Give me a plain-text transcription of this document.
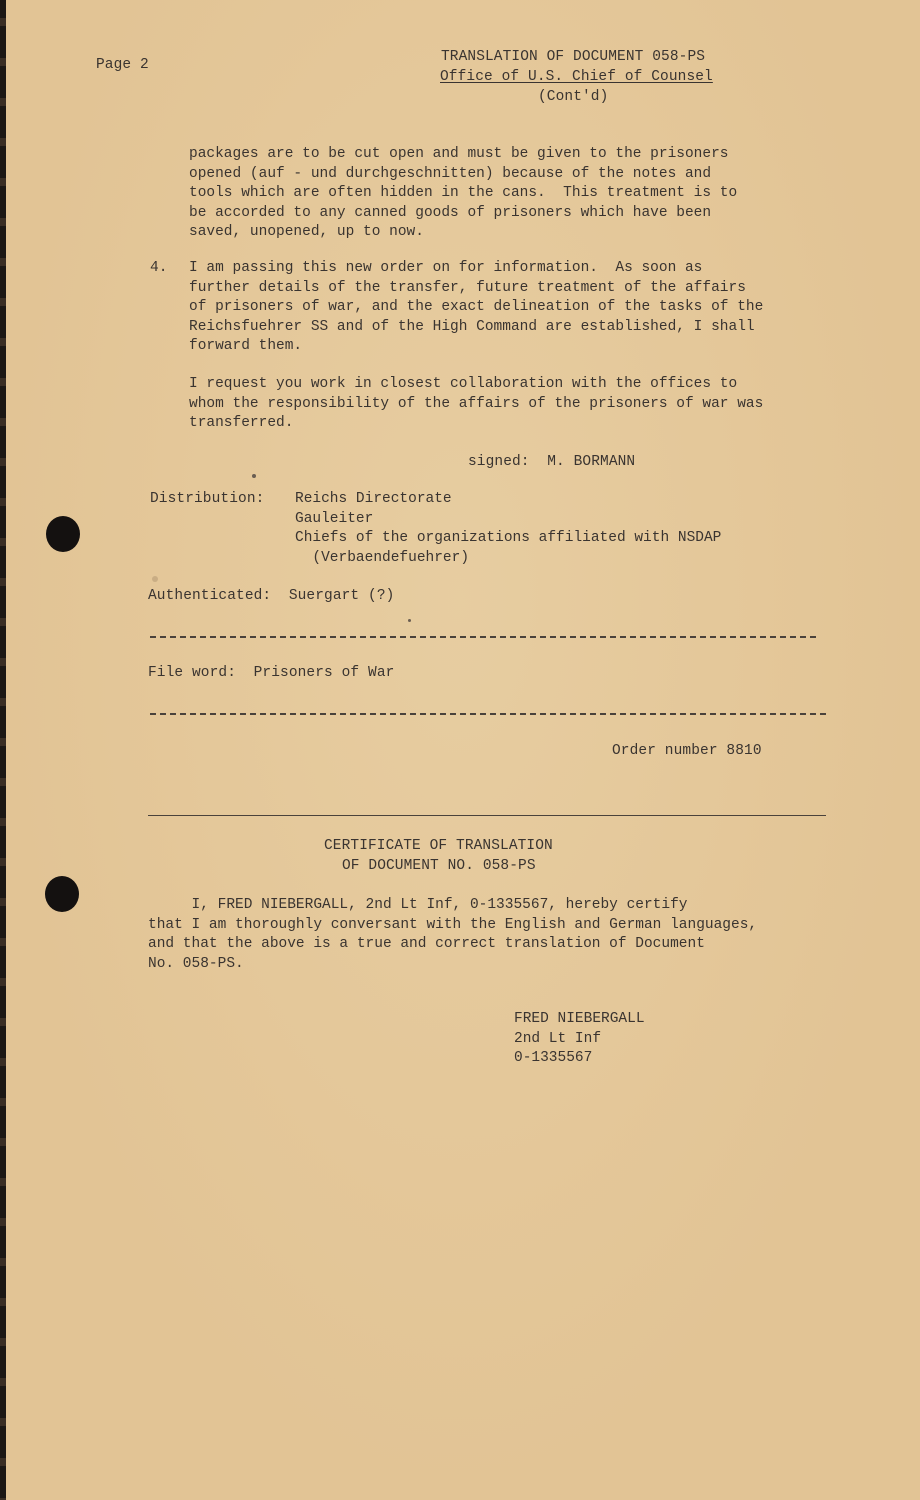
Page 2	TRANSLATION OF DOCUMENT 058-PS
Office of U.S. Chief of Counsel
(Cont'd)
packages are to be cut open and must be given to the prisoners
opened (auf - und durchgeschnitten) because of the notes and
tools which are often hidden in the cans.  This treatment is to
be accorded to any canned goods of prisoners which have been
saved, unopened, up to now.
4. I am passing this new order on for information.  As soon as
further details of the transfer, future treatment of the affairs
of prisoners of war, and the exact delineation of the tasks of the
Reichsfuehrer SS and of the High Command are established, I shall
forward them.
I request you work in closest collaboration with the offices to
whom the responsibility of the affairs of the prisoners of war was
transferred.
signed:  M. BORMANN
Distribution: Reichs Directorate
Gauleiter
Chiefs of the organizations affiliated with NSDAP
(Verbaendefuehrer)
Authenticated:  Suergart (?)
File word:  Prisoners of War
Order number 8810
CERTIFICATE OF TRANSLATION
OF DOCUMENT NO. 058-PS
I, FRED NIEBERGALL, 2nd Lt Inf, 0-1335567, hereby certify
that I am thoroughly conversant with the English and German languages,
and that the above is a true and correct translation of Document
No. 058-PS.
FRED NIEBERGALL
2nd Lt Inf
0-1335567
